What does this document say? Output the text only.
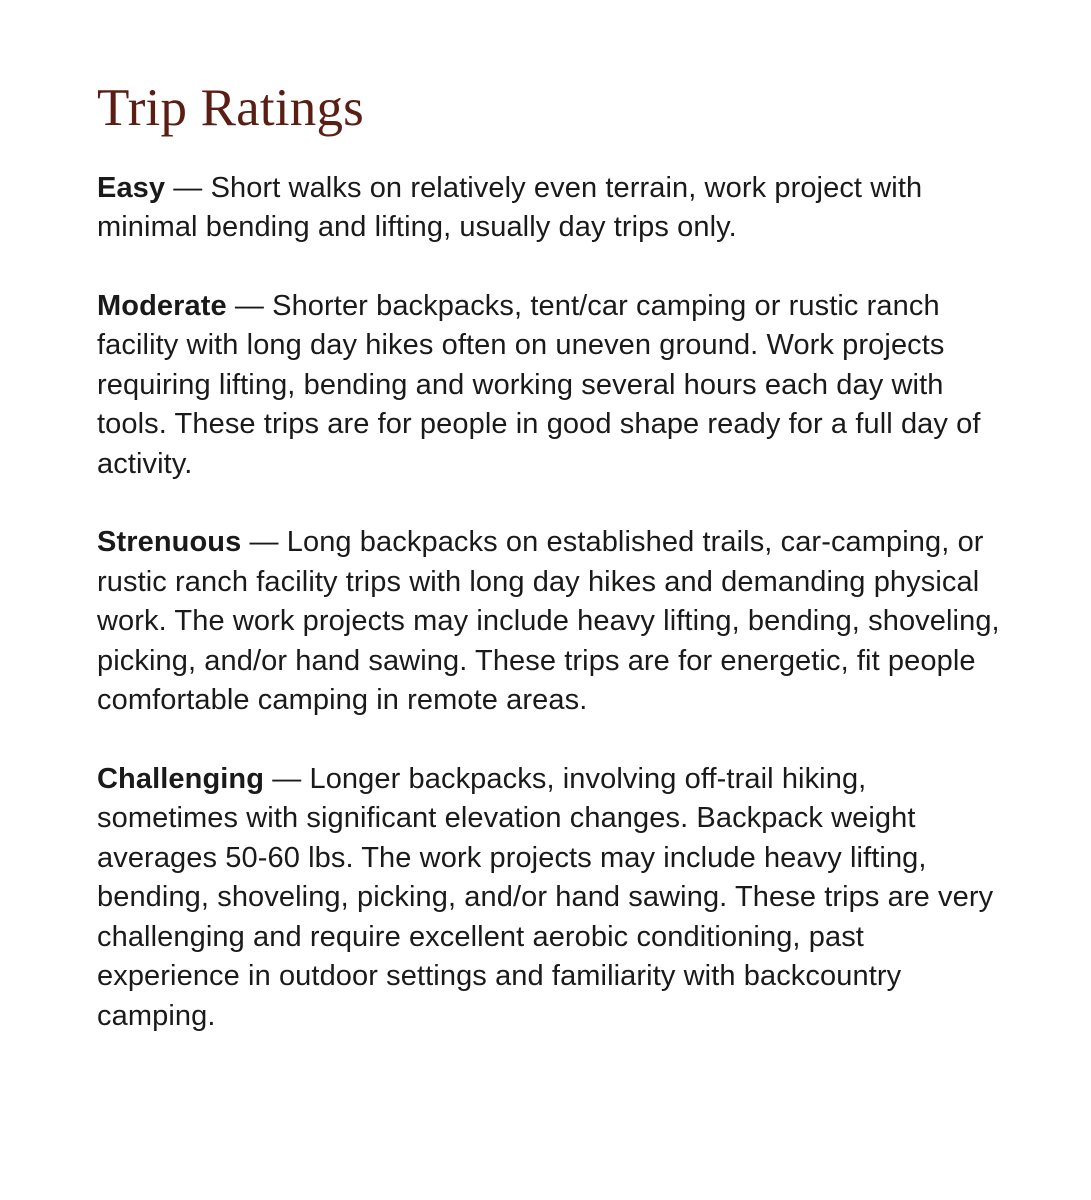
Trip Ratings

Easy — Short walks on relatively even terrain, work project with minimal bending and lifting, usually day trips only.

Moderate — Shorter backpacks, tent/car camping or rustic ranch facility with long day hikes often on uneven ground. Work projects requiring lifting, bending and working several hours each day with tools. These trips are for people in good shape ready for a full day of activity.

Strenuous — Long backpacks on established trails, car-camping, or rustic ranch facility trips with long day hikes and demanding physical work. The work projects may include heavy lifting, bending, shoveling, picking, and/or hand sawing. These trips are for energetic, fit people comfortable camping in remote areas.

Challenging — Longer backpacks, involving off-trail hiking, sometimes with significant elevation changes. Backpack weight averages 50-60 lbs. The work projects may include heavy lifting, bending, shoveling, picking, and/or hand sawing. These trips are very challenging and require excellent aerobic conditioning, past experience in outdoor settings and familiarity with backcountry camping.
